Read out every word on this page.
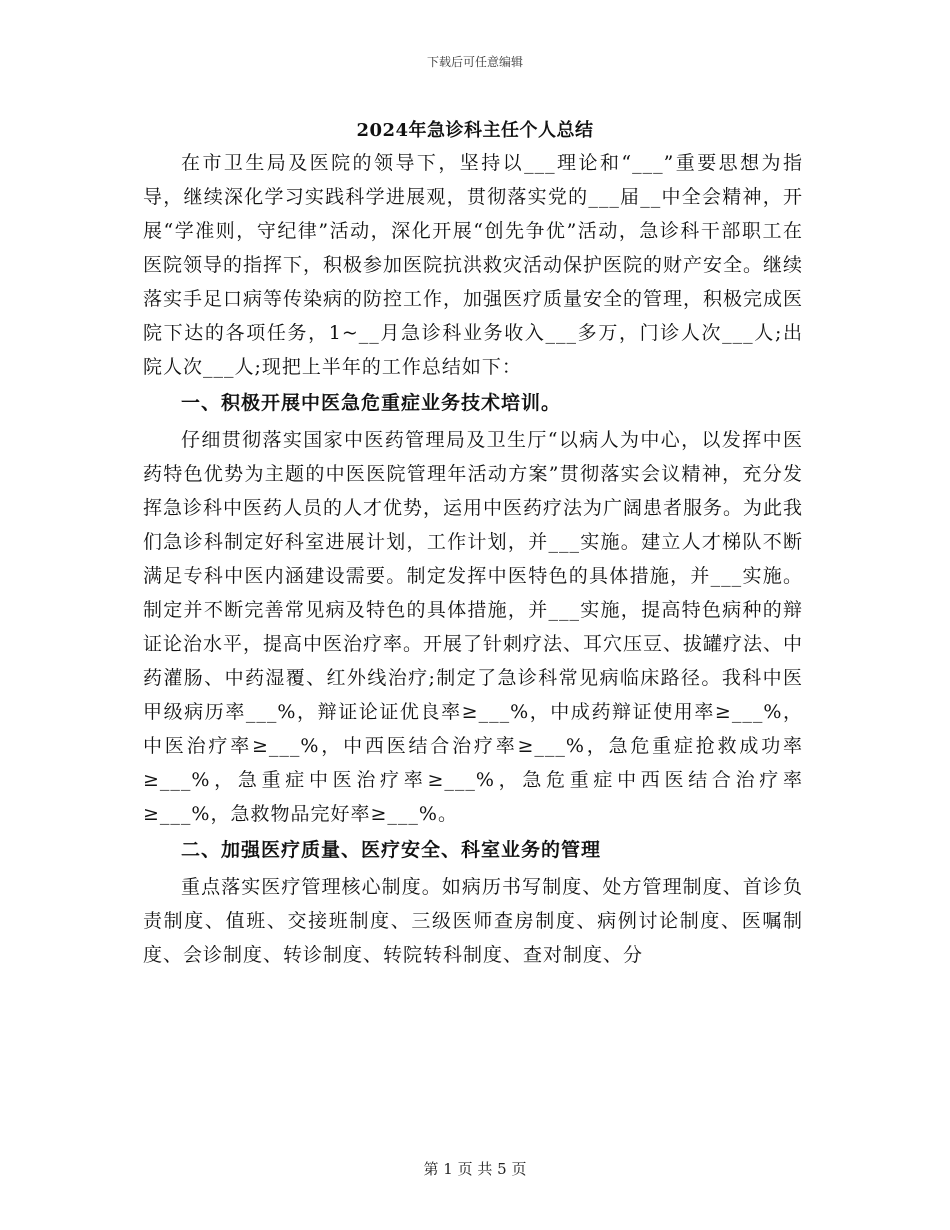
下载后可任意编辑
2024年急诊科主任个人总结

在市卫生局及医院的领导下，坚持以___理论和“___”重要思想为指导，继续深化学习实践科学进展观，贯彻落实党的___届__中全会精神，开展“学准则，守纪律”活动，深化开展“创先争优”活动，急诊科干部职工在医院领导的指挥下，积极参加医院抗洪救灾活动保护医院的财产安全。继续落实手足口病等传染病的防控工作，加强医疗质量安全的管理，积极完成医院下达的各项任务，1~__月急诊科业务收入___多万，门诊人次___人;出院人次___人;现把上半年的工作总结如下：

一、积极开展中医急危重症业务技术培训。

仔细贯彻落实国家中医药管理局及卫生厅“以病人为中心，以发挥中医药特色优势为主题的中医医院管理年活动方案”贯彻落实会议精神，充分发挥急诊科中医药人员的人才优势，运用中医药疗法为广阔患者服务。为此我们急诊科制定好科室进展计划，工作计划，并___实施。建立人才梯队不断满足专科中医内涵建设需要。制定发挥中医特色的具体措施，并___实施。制定并不断完善常见病及特色的具体措施，并___实施，提高特色病种的辩证论治水平，提高中医治疗率。开展了针刺疗法、耳穴压豆、拔罐疗法、中药灌肠、中药湿覆、红外线治疗;制定了急诊科常见病临床路径。我科中医甲级病历率___%，辩证论证优良率≥___%，中成药辩证使用率≥___%，中医治疗率≥___%，中西医结合治疗率≥___%，急危重症抢救成功率≥___%，急重症中医治疗率≥___%，急危重症中西医结合治疗率≥___%，急救物品完好率≥___%。

二、加强医疗质量、医疗安全、科室业务的管理

重点落实医疗管理核心制度。如病历书写制度、处方管理制度、首诊负责制度、值班、交接班制度、三级医师查房制度、病例讨论制度、医嘱制度、会诊制度、转诊制度、转院转科制度、查对制度、分

第 1 页 共 5 页
